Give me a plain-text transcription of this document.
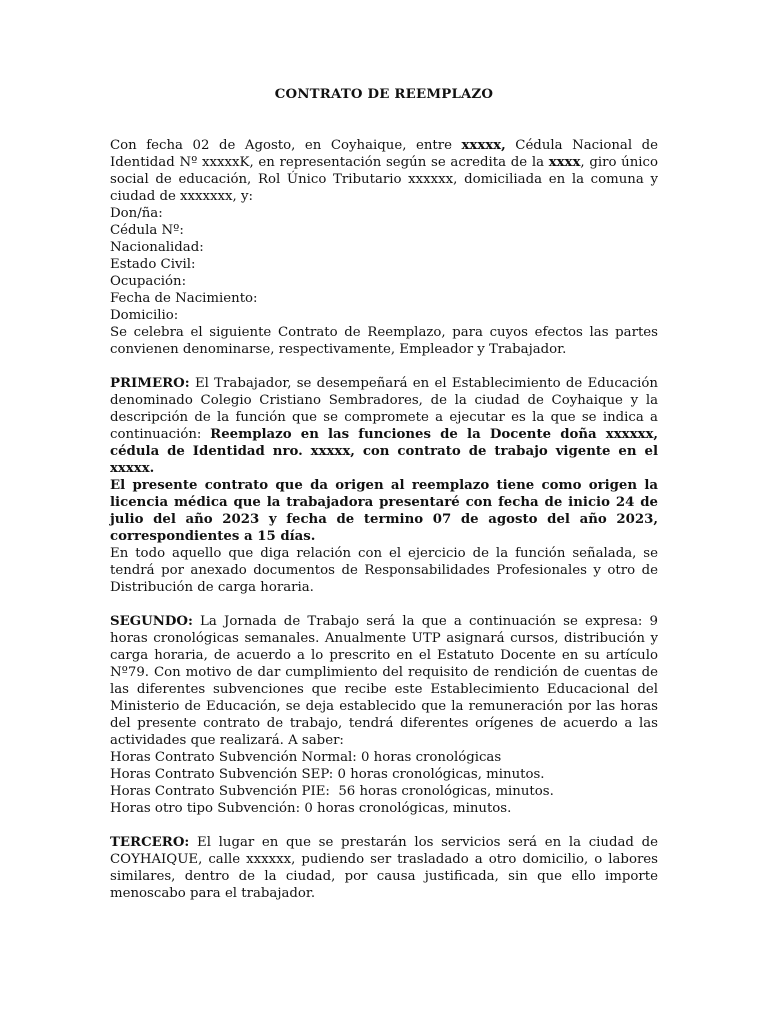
CONTRATO DE REEMPLAZO

Con fecha 02 de Agosto, en Coyhaique, entre xxxxx, Cédula Nacional de Identidad Nº xxxxxK, en representación según se acredita de la xxxx, giro único social de educación, Rol Único Tributario xxxxxx, domiciliada en la comuna y ciudad de xxxxxxx, y:

Don/ña:
Cédula Nº:
Nacionalidad:
Estado Civil:
Ocupación:
Fecha de Nacimiento:
Domicilio:

Se celebra el siguiente Contrato de Reemplazo, para cuyos efectos las partes convienen denominarse, respectivamente, Empleador y Trabajador.

PRIMERO: El Trabajador, se desempeñará en el Establecimiento de Educación denominado Colegio Cristiano Sembradores, de la ciudad de Coyhaique y la descripción de la función que se compromete a ejecutar es la que se indica a continuación: Reemplazo en las funciones de la Docente doña xxxxxx, cédula de Identidad nro. xxxxx, con contrato de trabajo vigente en el xxxxx.

El presente contrato que da origen al reemplazo tiene como origen la licencia médica que la trabajadora presentaré con fecha de inicio 24 de julio del año 2023 y fecha de termino 07 de agosto del año 2023, correspondientes a 15 días.

En todo aquello que diga relación con el ejercicio de la función señalada, se tendrá por anexado documentos de Responsabilidades Profesionales y otro de Distribución de carga horaria.

SEGUNDO: La Jornada de Trabajo será la que a continuación se expresa: 9 horas cronológicas semanales. Anualmente UTP asignará cursos, distribución y carga horaria, de acuerdo a lo prescrito en el Estatuto Docente en su artículo Nº79. Con motivo de dar cumplimiento del requisito de rendición de cuentas de las diferentes subvenciones que recibe este Establecimiento Educacional del Ministerio de Educación, se deja establecido que la remuneración por las horas del presente contrato de trabajo, tendrá diferentes orígenes de acuerdo a las actividades que realizará. A saber:

Horas Contrato Subvención Normal: 0 horas cronológicas
Horas Contrato Subvención SEP: 0 horas cronológicas, minutos.
Horas Contrato Subvención PIE:  56 horas cronológicas, minutos.
Horas otro tipo Subvención: 0 horas cronológicas, minutos.

TERCERO: El lugar en que se prestarán los servicios será en la ciudad de COYHAIQUE, calle xxxxxx, pudiendo ser trasladado a otro domicilio, o labores similares, dentro de la ciudad, por causa justificada, sin que ello importe menoscabo para el trabajador.
